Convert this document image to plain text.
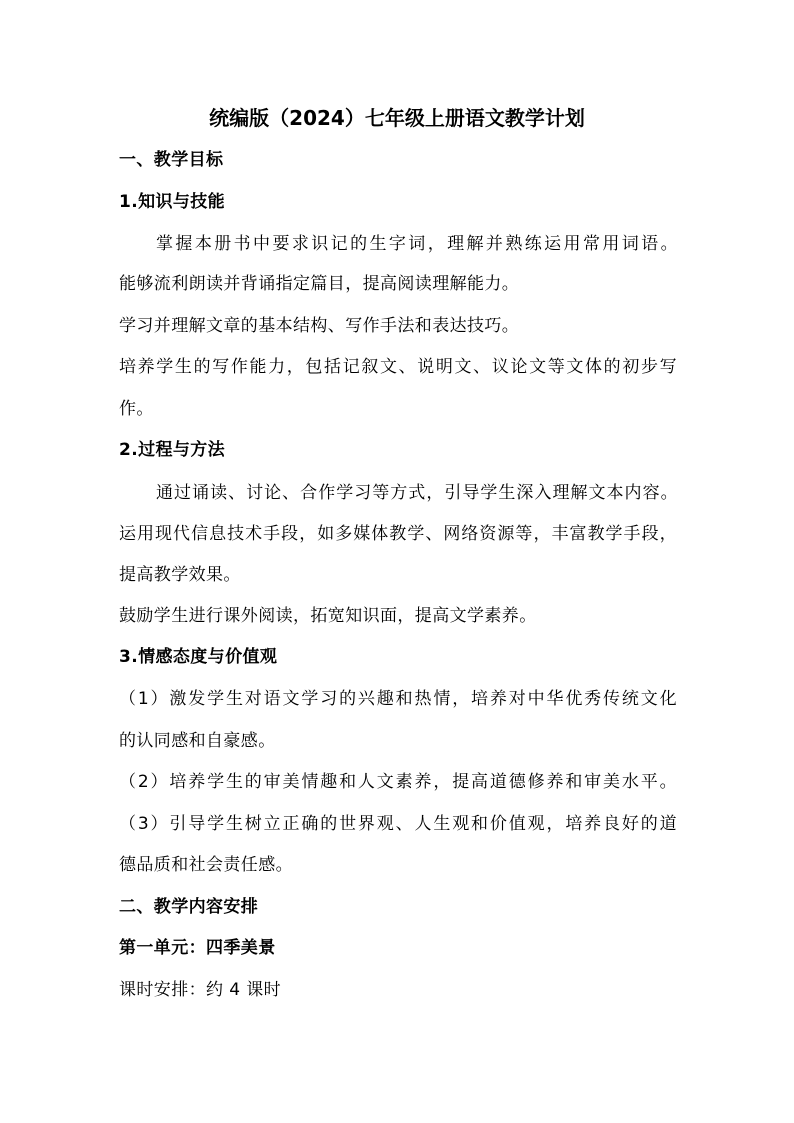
统编版（2024）七年级上册语文教学计划
一、教学目标
1.知识与技能
掌握本册书中要求识记的生字词，理解并熟练运用常用词语。
能够流利朗读并背诵指定篇目，提高阅读理解能力。
学习并理解文章的基本结构、写作手法和表达技巧。
培养学生的写作能力，包括记叙文、说明文、议论文等文体的初步写
作。
2.过程与方法
通过诵读、讨论、合作学习等方式，引导学生深入理解文本内容。
运用现代信息技术手段，如多媒体教学、网络资源等，丰富教学手段，
提高教学效果。
鼓励学生进行课外阅读，拓宽知识面，提高文学素养。
3.情感态度与价值观
（1）激发学生对语文学习的兴趣和热情，培养对中华优秀传统文化
的认同感和自豪感。
（2）培养学生的审美情趣和人文素养，提高道德修养和审美水平。
（3）引导学生树立正确的世界观、人生观和价值观，培养良好的道
德品质和社会责任感。
二、教学内容安排
第一单元：四季美景
课时安排：约 4 课时
